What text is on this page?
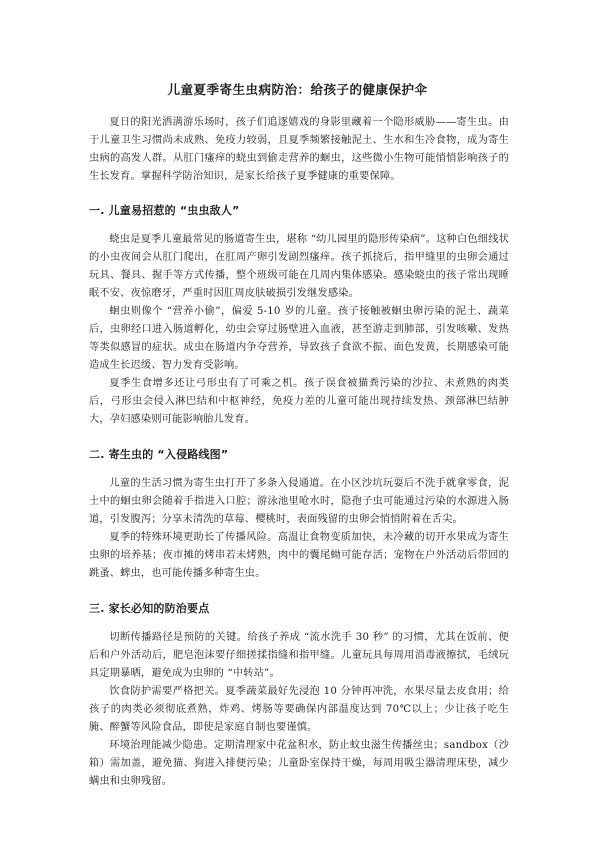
儿童夏季寄生虫病防治：给孩子的健康保护伞

夏日的阳光洒满游乐场时，孩子们追逐嬉戏的身影里藏着一个隐形威胁——寄生虫。由于儿童卫生习惯尚未成熟、免疫力较弱，且夏季频繁接触泥土、生水和生冷食物，成为寄生虫病的高发人群。从肛门瘙痒的蛲虫到偷走营养的蛔虫，这些微小生物可能悄悄影响孩子的生长发育。掌握科学防治知识，是家长给孩子夏季健康的重要保障。

一. 儿童易招惹的 “虫虫敌人”

蛲虫是夏季儿童最常见的肠道寄生虫，堪称 “幼儿园里的隐形传染病”。这种白色细线状的小虫夜间会从肛门爬出，在肛周产卵引发剧烈瘙痒。孩子抓挠后，指甲缝里的虫卵会通过玩具、餐具、握手等方式传播，整个班级可能在几周内集体感染。感染蛲虫的孩子常出现睡眠不安、夜惊磨牙，严重时因肛周皮肤破损引发继发感染。

蛔虫则像个 “营养小偷”，偏爱 5-10 岁的儿童。孩子接触被蛔虫卵污染的泥土、蔬菜后，虫卵经口进入肠道孵化，幼虫会穿过肠壁进入血液，甚至游走到肺部，引发咳嗽、发热等类似感冒的症状。成虫在肠道内争夺营养，导致孩子食欲不振、面色发黄，长期感染可能造成生长迟缓、智力发育受影响。

夏季生食增多还让弓形虫有了可乘之机。孩子误食被猫粪污染的沙拉、未煮熟的肉类后，弓形虫会侵入淋巴结和中枢神经，免疫力差的儿童可能出现持续发热、颈部淋巴结肿大，孕妇感染则可能影响胎儿发育。

二. 寄生虫的 “入侵路线图”

儿童的生活习惯为寄生虫打开了多条入侵通道。在小区沙坑玩耍后不洗手就拿零食，泥土中的蛔虫卵会随着手指进入口腔；游泳池里呛水时，隐孢子虫可能通过污染的水源进入肠道，引发腹泻；分享未清洗的草莓、樱桃时，表面残留的虫卵会悄悄附着在舌尖。

夏季的特殊环境更助长了传播风险。高温让食物变质加快，未冷藏的切开水果成为寄生虫卵的培养基；夜市摊的烤串若未烤熟，肉中的囊尾蚴可能存活；宠物在户外活动后带回的跳蚤、蜱虫，也可能传播多种寄生虫。

三. 家长必知的防治要点

切断传播路径是预防的关键。给孩子养成 “流水洗手 30 秒” 的习惯，尤其在饭前、便后和户外活动后，肥皂泡沫要仔细搓揉指缝和指甲缝。儿童玩具每周用消毒液擦拭，毛绒玩具定期暴晒，避免成为虫卵的 “中转站”。

饮食防护需要严格把关。夏季蔬菜最好先浸泡 10 分钟再冲洗，水果尽量去皮食用；给孩子的肉类必须彻底煮熟，炸鸡、烤肠等要确保内部温度达到 70℃以上；少让孩子吃生腌、醉蟹等风险食品，即使是家庭自制也要谨慎。

环境治理能减少隐患。定期清理家中花盆积水，防止蚊虫滋生传播丝虫；sandbox（沙箱）需加盖，避免猫、狗进入排便污染；儿童卧室保持干燥，每周用吸尘器清理床垫，减少螨虫和虫卵残留。
